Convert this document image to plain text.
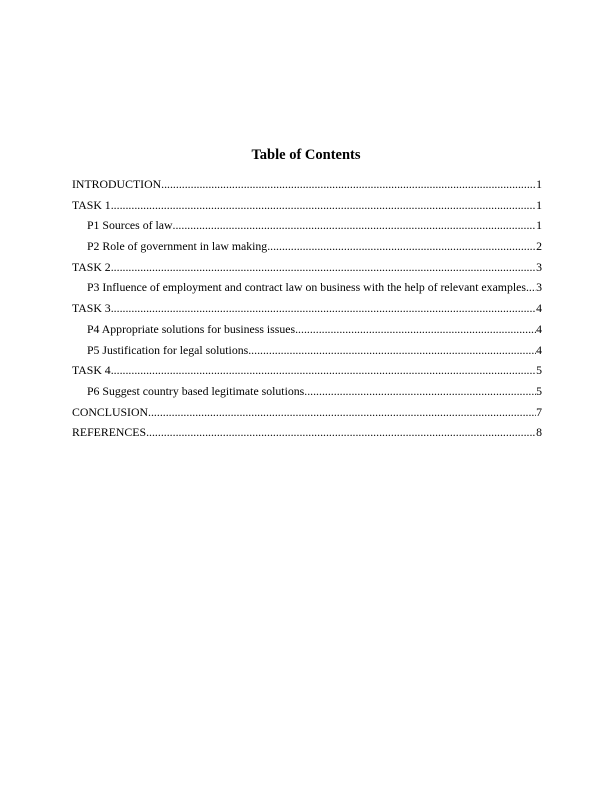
Table of Contents
INTRODUCTION .....	1
TASK 1 .....	1
P1 Sources of law .....	1
P2 Role of government in law making .....	2
TASK 2 .....	3
P3 Influence of employment and contract law on business with the help of relevant examples ..... 3
TASK 3 .....	4
P4 Appropriate solutions for business issues .....	4
P5 Justification for legal solutions .....	4
TASK 4 .....	5
P6 Suggest country based legitimate solutions .....	5
CONCLUSION .....	7
REFERENCES .....	8
